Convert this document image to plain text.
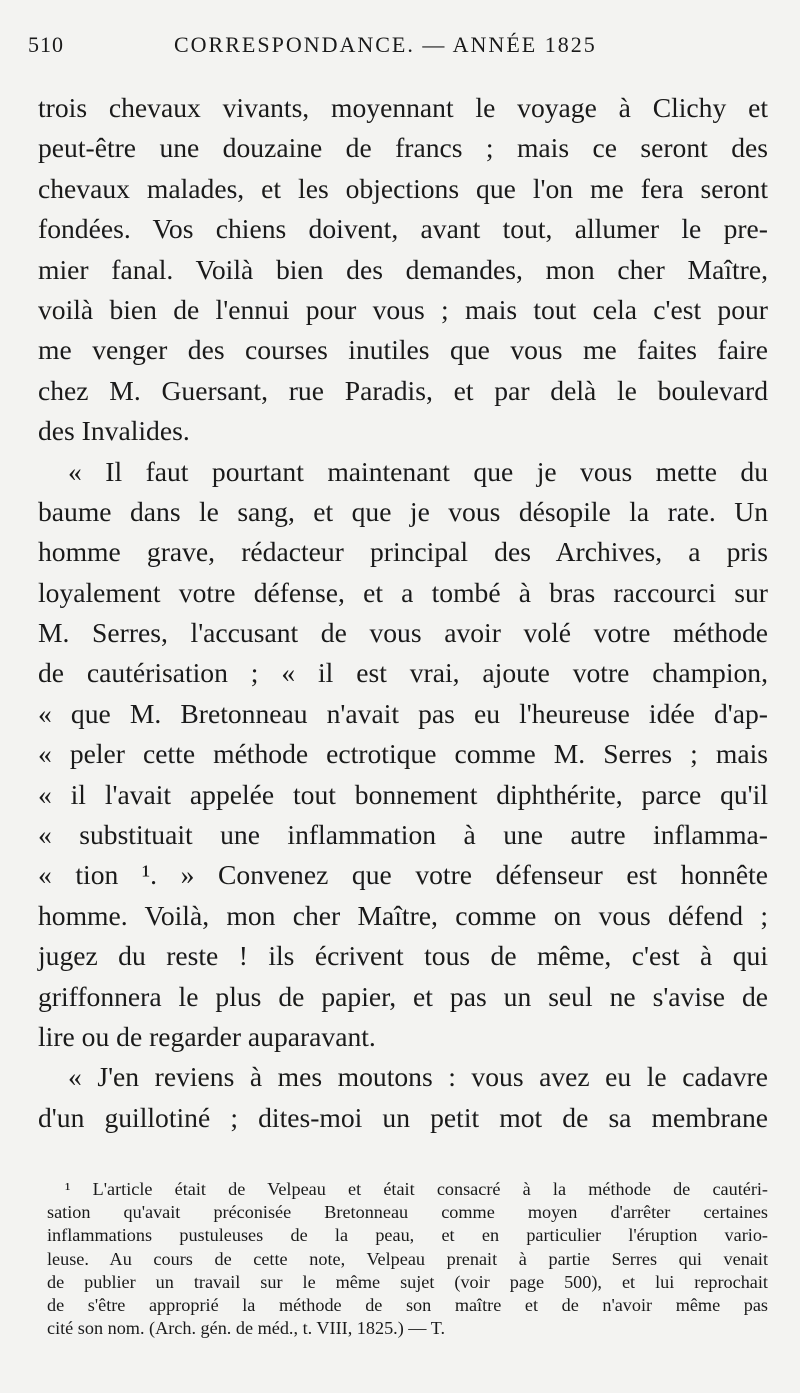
510	CORRESPONDANCE. — ANNÉE 1825
trois chevaux vivants, moyennant le voyage à Clichy et
peut-être une douzaine de francs ; mais ce seront des
chevaux malades, et les objections que l'on me fera seront
fondées. Vos chiens doivent, avant tout, allumer le pre-
mier fanal. Voilà bien des demandes, mon cher Maître,
voilà bien de l'ennui pour vous ; mais tout cela c'est pour
me venger des courses inutiles que vous me faites faire
chez M. Guersant, rue Paradis, et par delà le boulevard
des Invalides.
« Il faut pourtant maintenant que je vous mette du
baume dans le sang, et que je vous désopile la rate. Un
homme grave, rédacteur principal des Archives, a pris
loyalement votre défense, et a tombé à bras raccourci sur
M. Serres, l'accusant de vous avoir volé votre méthode
de cautérisation ; « il est vrai, ajoute votre champion,
« que M. Bretonneau n'avait pas eu l'heureuse idée d'ap-
« peler cette méthode ectrotique comme M. Serres ; mais
« il l'avait appelée tout bonnement diphthérite, parce qu'il
« substituait une inflammation à une autre inflamma-
« tion ¹. » Convenez que votre défenseur est honnête
homme. Voilà, mon cher Maître, comme on vous défend ;
jugez du reste ! ils écrivent tous de même, c'est à qui
griffonnera le plus de papier, et pas un seul ne s'avise de
lire ou de regarder auparavant.
« J'en reviens à mes moutons : vous avez eu le cadavre
d'un guillotiné ; dites-moi un petit mot de sa membrane
¹ L'article était de Velpeau et était consacré à la méthode de cautéri-
sation qu'avait préconisée Bretonneau comme moyen d'arrêter certaines
inflammations pustuleuses de la peau, et en particulier l'éruption vario-
leuse. Au cours de cette note, Velpeau prenait à partie Serres qui venait
de publier un travail sur le même sujet (voir page 500), et lui reprochait
de s'être approprié la méthode de son maître et de n'avoir même pas
cité son nom. (Arch. gén. de méd., t. VIII, 1825.) — T.
